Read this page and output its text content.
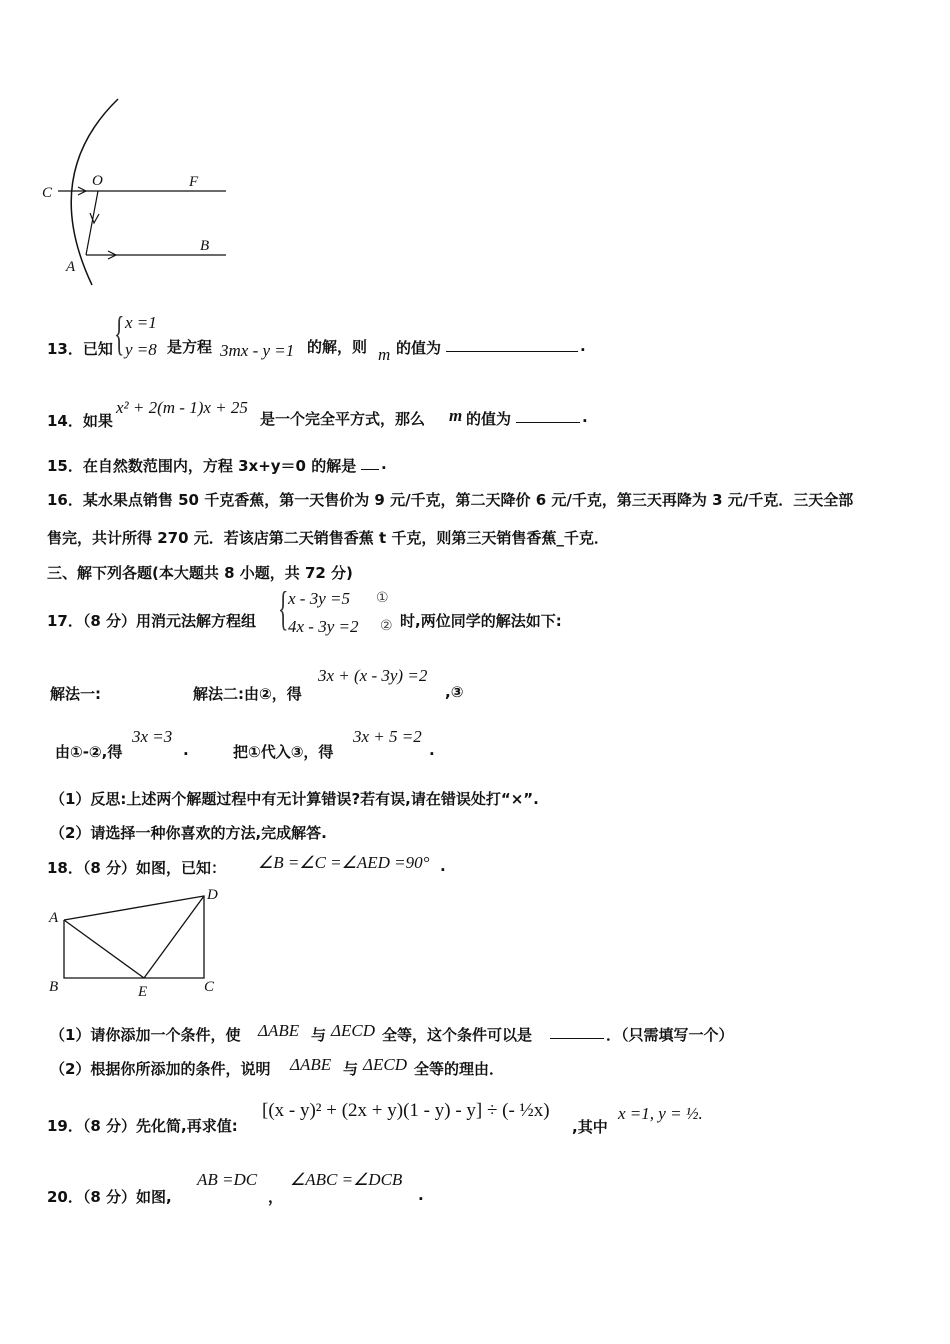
C
O	F
A
B
13．已知 { x =1
y =8 是方程 3mx - y =1 的解，则 m 的值为	.
14．如果
x² + 2(m - 1)x + 25
是一个完全平方式，那么 m 的值为	.
15．在自然数范围内，方程 3x+y＝0 的解是 .
16．某水果点销售 50 千克香蕉，第一天售价为 9 元/千克，第二天降价 6 元/千克，第三天再降为 3 元/千克．三天全部
售完，共计所得 270 元．若该店第二天销售香蕉 t 千克，则第三天销售香蕉_千克．
三、解下列各题(本大题共 8 小题，共 72 分)
17．（8 分）用消元法解方程组 { x - 3y =5 ①
4x - 3y =2 ② 时,两位同学的解法如下:
解法一:	解法二:由②，得
3x + (x - 3y) =2
,③
由①-②,得
3x =3
.	把①代入③，得
3x + 5 =2
.
（1）反思:上述两个解题过程中有无计算错误?若有误,请在错误处打“×”.
（2）请选择一种你喜欢的方法,完成解答.
18．（8 分）如图，已知： ∠B =∠C =∠AED =90° .
A
D
B	E	C
（1）请你添加一个条件，使 ΔABE 与 ΔECD 全等，这个条件可以是	．（只需填写一个）
（2）根据你所添加的条件，说明 ΔABE 与 ΔECD 全等的理由．
19．（8 分）先化简,再求值:
[(x - y)² + (2x + y)(1 - y) - y] ÷ (- ½x)
,其中
x =1, y = ½.
20．（8 分）如图,
AB =DC
，
∠ABC =∠DCB
.
